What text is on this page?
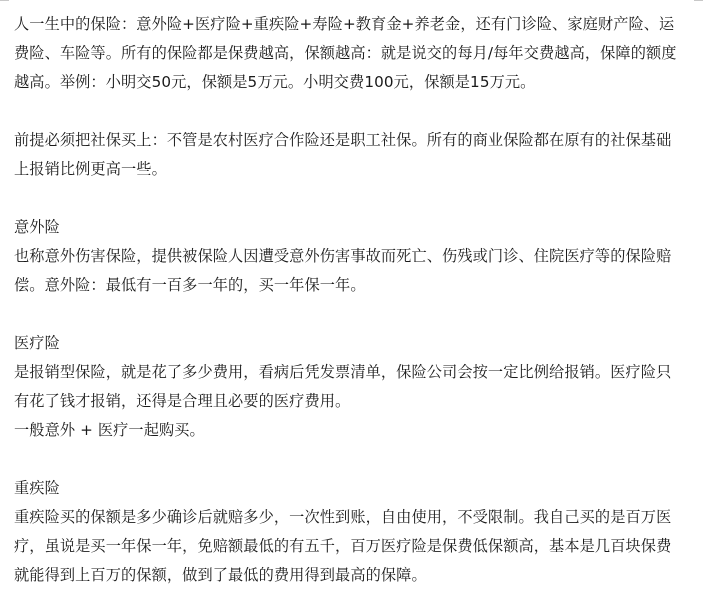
人一生中的保险：意外险+医疗险+重疾险+寿险+教育金+养老金，还有门诊险、家庭财产险、运费险、车险等。所有的保险都是保费越高，保额越高：就是说交的每月/每年交费越高，保障的额度越高。举例：小明交50元，保额是5万元。小明交费100元，保额是15万元。

前提必须把社保买上：不管是农村医疗合作险还是职工社保。所有的商业保险都在原有的社保基础上报销比例更高一些。

意外险

也称意外伤害保险，提供被保险人因遭受意外伤害事故而死亡、伤残或门诊、住院医疗等的保险赔偿。意外险：最低有一百多一年的，买一年保一年。

医疗险

是报销型保险，就是花了多少费用，看病后凭发票清单，保险公司会按一定比例给报销。医疗险只有花了钱才报销，还得是合理且必要的医疗费用。

一般意外 + 医疗一起购买。

重疾险

重疾险买的保额是多少确诊后就赔多少，一次性到账，自由使用，不受限制。我自己买的是百万医疗，虽说是买一年保一年，免赔额最低的有五千，百万医疗险是保费低保额高，基本是几百块保费就能得到上百万的保额，做到了最低的费用得到最高的保障。
